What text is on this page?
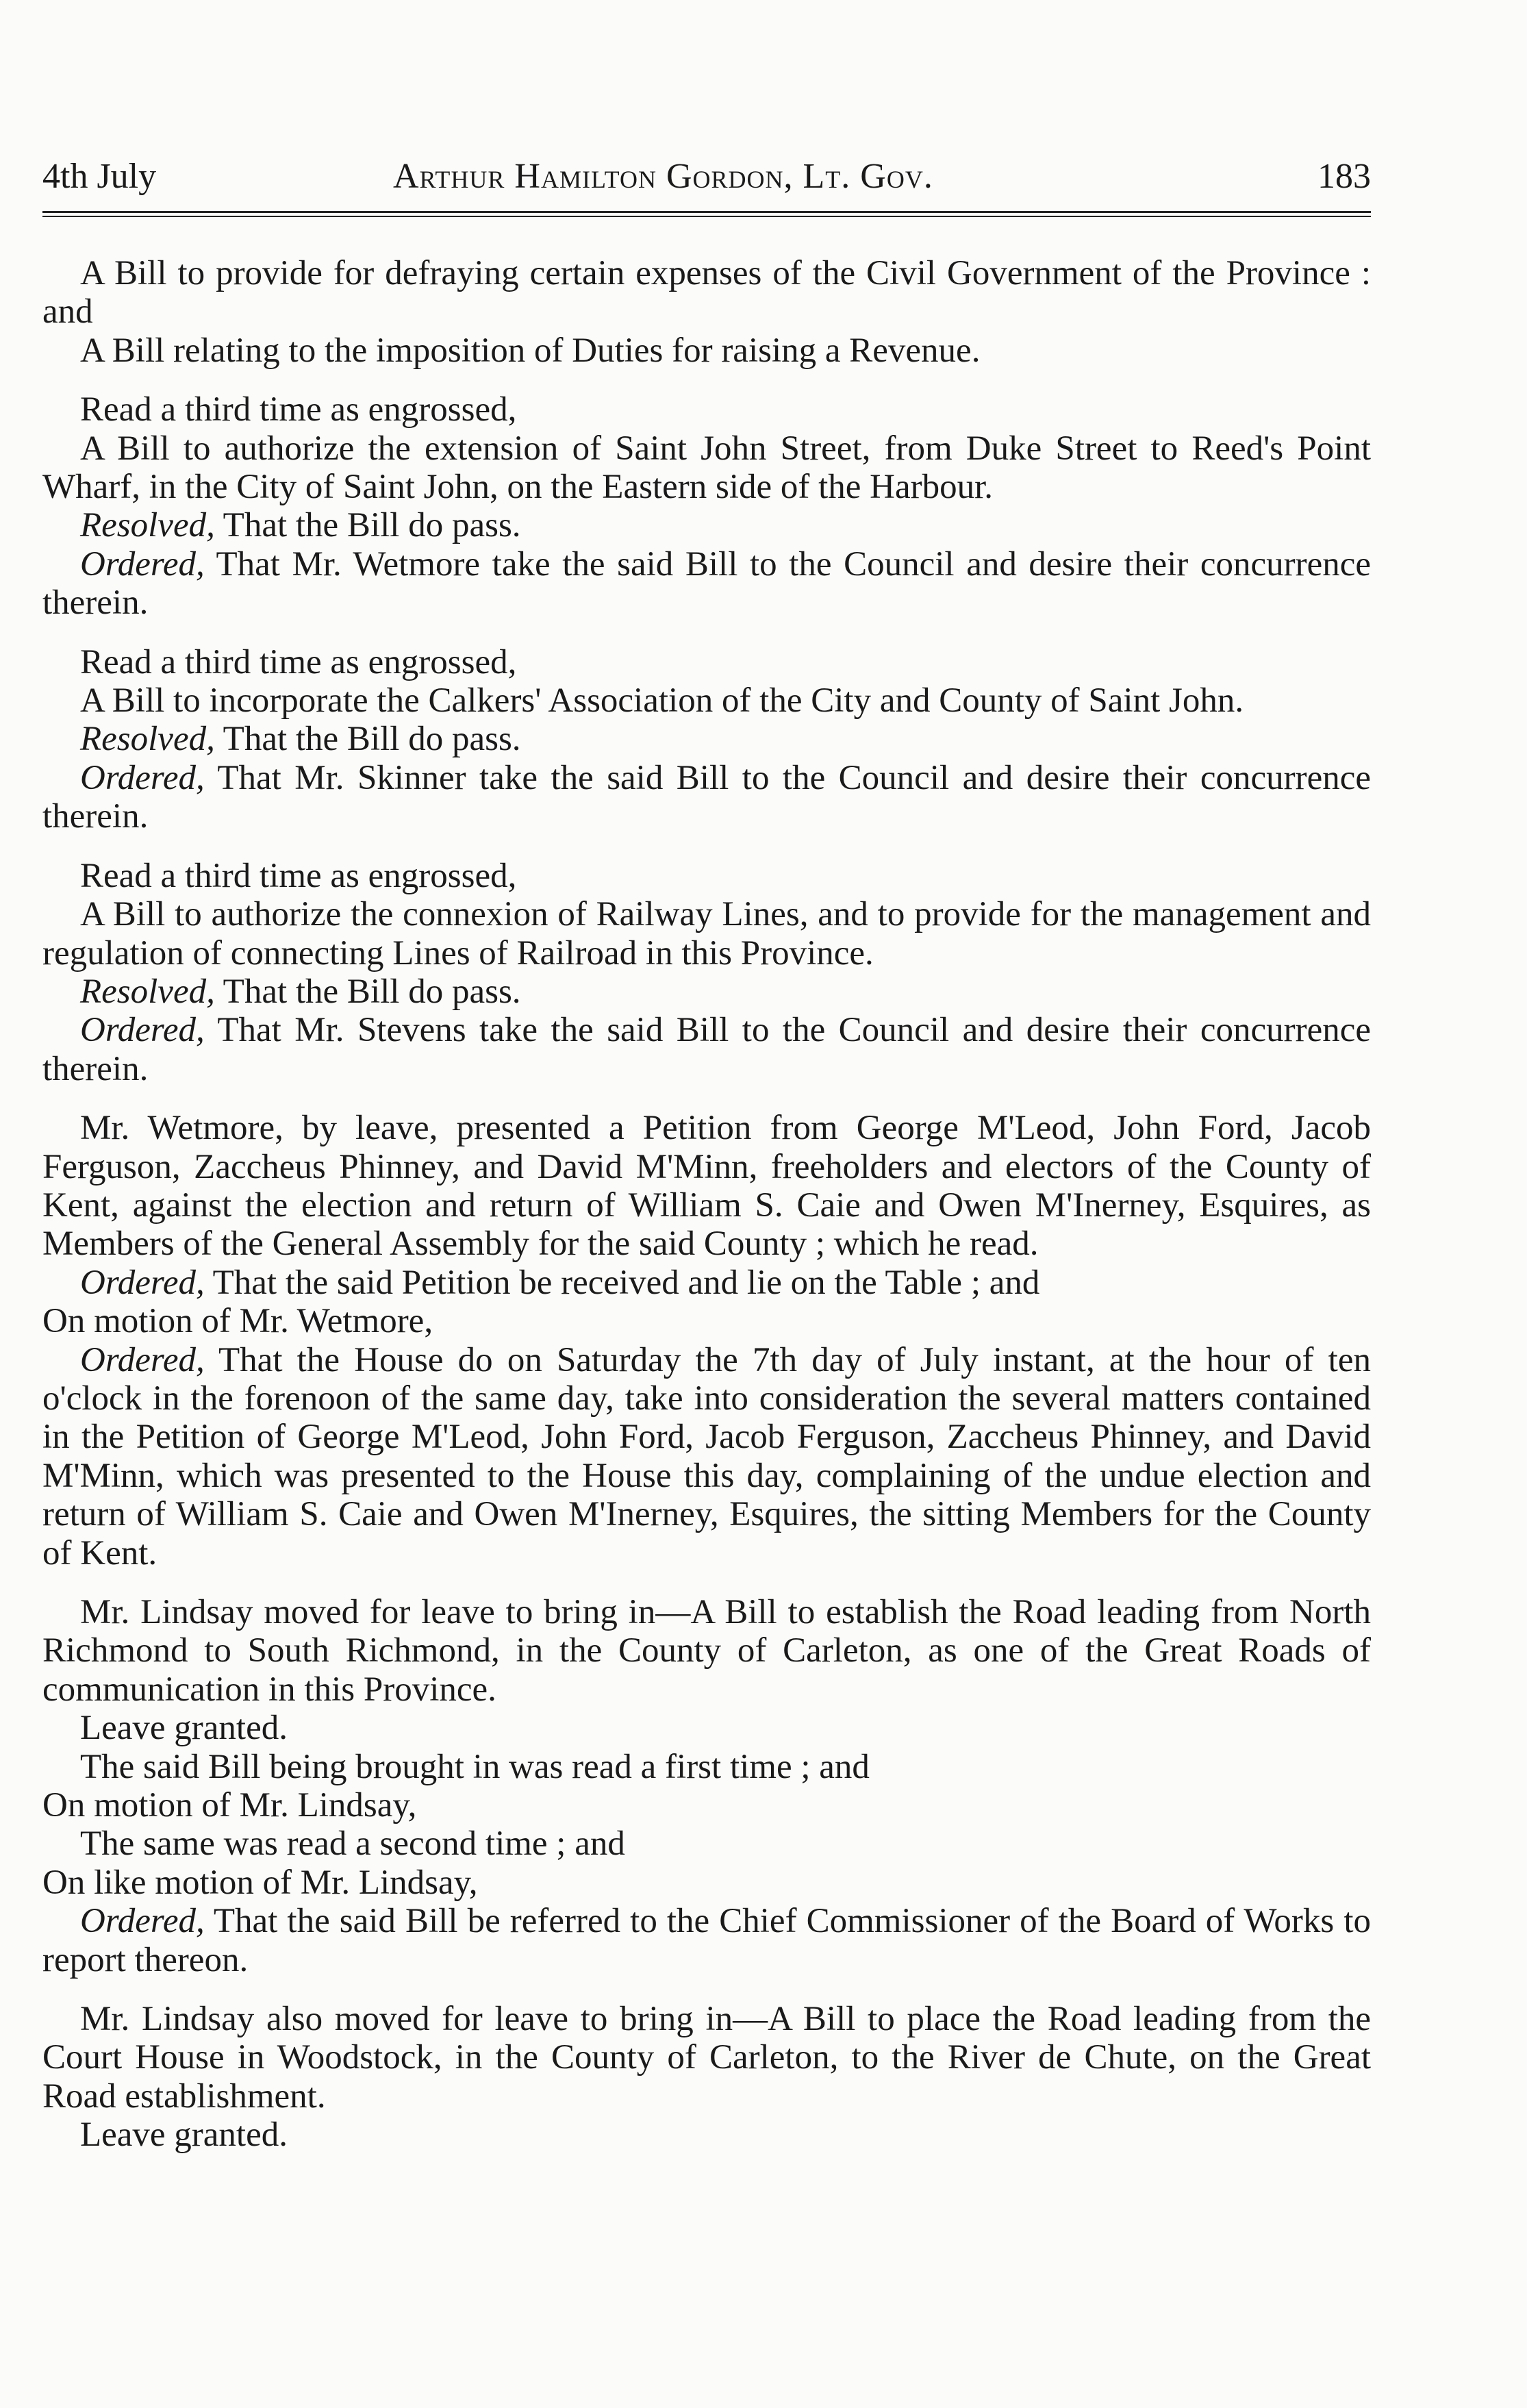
4th July	Arthur Hamilton Gordon, Lt. Gov.	183

A Bill to provide for defraying certain expenses of the Civil Government of the Province : and

A Bill relating to the imposition of Duties for raising a Revenue.

Read a third time as engrossed,

A Bill to authorize the extension of Saint John Street, from Duke Street to Reed's Point Wharf, in the City of Saint John, on the Eastern side of the Harbour.

Resolved, That the Bill do pass.

Ordered, That Mr. Wetmore take the said Bill to the Council and desire their concurrence therein.

Read a third time as engrossed,

A Bill to incorporate the Calkers' Association of the City and County of Saint John.

Resolved, That the Bill do pass.

Ordered, That Mr. Skinner take the said Bill to the Council and desire their concurrence therein.

Read a third time as engrossed,

A Bill to authorize the connexion of Railway Lines, and to provide for the management and regulation of connecting Lines of Railroad in this Province.

Resolved, That the Bill do pass.

Ordered, That Mr. Stevens take the said Bill to the Council and desire their concurrence therein.

Mr. Wetmore, by leave, presented a Petition from George M'Leod, John Ford, Jacob Ferguson, Zaccheus Phinney, and David M'Minn, freeholders and electors of the County of Kent, against the election and return of William S. Caie and Owen M'Inerney, Esquires, as Members of the General Assembly for the said County ; which he read.

Ordered, That the said Petition be received and lie on the Table ; and

On motion of Mr. Wetmore,

Ordered, That the House do on Saturday the 7th day of July instant, at the hour of ten o'clock in the forenoon of the same day, take into consideration the several matters contained in the Petition of George M'Leod, John Ford, Jacob Ferguson, Zaccheus Phinney, and David M'Minn, which was presented to the House this day, complaining of the undue election and return of William S. Caie and Owen M'Inerney, Esquires, the sitting Members for the County of Kent.

Mr. Lindsay moved for leave to bring in—A Bill to establish the Road leading from North Richmond to South Richmond, in the County of Carleton, as one of the Great Roads of communication in this Province.

Leave granted.

The said Bill being brought in was read a first time ; and

On motion of Mr. Lindsay,

The same was read a second time ; and

On like motion of Mr. Lindsay,

Ordered, That the said Bill be referred to the Chief Commissioner of the Board of Works to report thereon.

Mr. Lindsay also moved for leave to bring in—A Bill to place the Road leading from the Court House in Woodstock, in the County of Carleton, to the River de Chute, on the Great Road establishment.

Leave granted.
